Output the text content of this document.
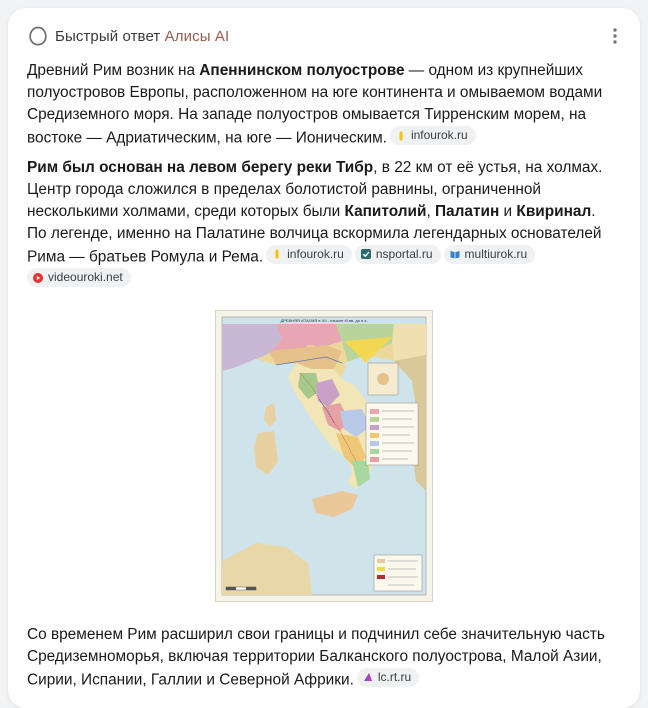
Быстрый ответ Алисы AI

Древний Рим возник на Апеннинском полуострове — одном из крупнейших полуостровов Европы, расположенном на юге континента и омываемом водами Средиземного моря. На западе полуостров омывается Тирренским морем, на востоке — Адриатическим, на юге — Ионическим. infourok.ru

Рим был основан на левом берегу реки Тибр, в 22 км от её устья, на холмах. Центр города сложился в пределах болотистой равнины, ограниченной несколькими холмами, среди которых были Капитолий, Палатин и Квиринал. По легенде, именно на Палатине волчица вскормила легендарных основателей Рима — братьев Ромула и Рема. infourok.ru	nsportal.ru	multiurok.ru

videouroki.net

ДРЕВНЯЯ ИТАЛИЯ в VII - начале III вв. до н.э.

Со временем Рим расширил свои границы и подчинил себе значительную часть Средиземноморья, включая территории Балканского полуострова, Малой Азии, Сирии, Испании, Галлии и Северной Африки. lc.rt.ru
